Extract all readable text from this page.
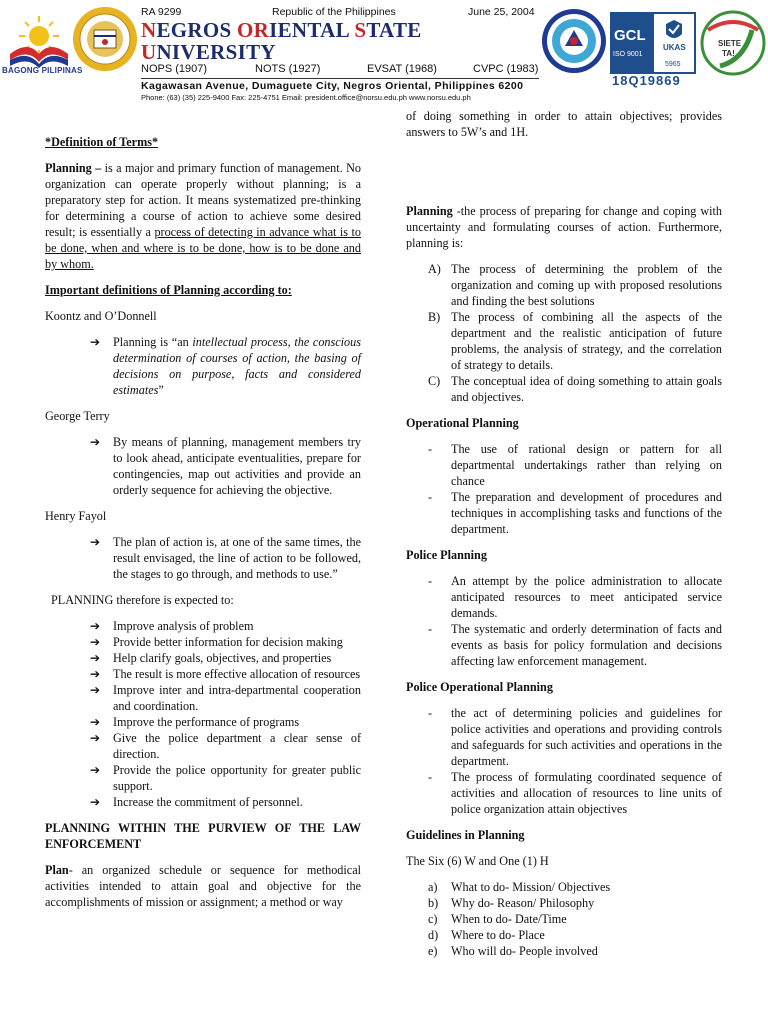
BAGONG PILIPINAS
RA 9299	Republic of the Philippines	June 25, 2004
NEGROS ORIENTAL STATE UNIVERSITY
NOPS (1907)	NOTS (1927)	EVSAT (1968)	CVPC (1983)
Kagawasan Avenue, Dumaguete City, Negros Oriental, Philippines 6200
Phone: (63) (35) 225-9400 Fax: 225-4751 Email: president.office@norsu.edu.ph www.norsu.edu.ph
GCL
ISO 9001
UKAS
5965
18Q19869
SIETE
TA!

*Definition of Terms*

Planning – is a major and primary function of management. No organization can operate properly without planning; is a preparatory step for action. It means systematized pre-thinking for determining a course of action to achieve some desired result; is essentially a process of detecting in advance what is to be done, when and where is to be done, how is to be done and by whom.

Important definitions of Planning according to:

Koontz and O’Donnell

➔ Planning is “an intellectual process, the conscious determination of courses of action, the basing of decisions on purpose, facts and considered estimates”

George Terry

➔ By means of planning, management members try to look ahead, anticipate eventualities, prepare for contingencies, map out activities and provide an orderly sequence for achieving the objective.

Henry Fayol

➔ The plan of action is, at one of the same times, the result envisaged, the line of action to be followed, the stages to go through, and methods to use.”

PLANNING therefore is expected to:

➔ Improve analysis of problem
➔ Provide better information for decision making
➔ Help clarify goals, objectives, and properties
➔ The result is more effective allocation of resources
➔ Improve inter and intra-departmental cooperation and coordination.
➔ Improve the performance of programs
➔ Give the police department a clear sense of direction.
➔ Provide the police opportunity for greater public support.
➔ Increase the commitment of personnel.

PLANNING WITHIN THE PURVIEW OF THE LAW ENFORCEMENT

Plan- an organized schedule or sequence for methodical activities intended to attain goal and objective for the accomplishments of mission or assignment; a method or way

of doing something in order to attain objectives; provides answers to 5W’s and 1H.

Planning -the process of preparing for change and coping with uncertainty and formulating courses of action. Furthermore, planning is:

A) The process of determining the problem of the organization and coming up with proposed resolutions and finding the best solutions
B) The process of combining all the aspects of the department and the realistic anticipation of future problems, the analysis of strategy, and the correlation of strategy to details.
C) The conceptual idea of doing something to attain goals and objectives.

Operational Planning

- The use of rational design or pattern for all departmental undertakings rather than relying on chance
- The preparation and development of procedures and techniques in accomplishing tasks and functions of the department.

Police Planning

- An attempt by the police administration to allocate anticipated resources to meet anticipated service demands.
- The systematic and orderly determination of facts and events as basis for policy formulation and decisions affecting law enforcement management.

Police Operational Planning

- the act of determining policies and guidelines for police activities and operations and providing controls and safeguards for such activities and operations in the department.
- The process of formulating coordinated sequence of activities and allocation of resources to line units of police organization attain objectives

Guidelines in Planning

The Six (6) W and One (1) H

a) What to do- Mission/ Objectives
b) Why do- Reason/ Philosophy
c) When to do- Date/Time
d) Where to do- Place
e) Who will do- People involved
